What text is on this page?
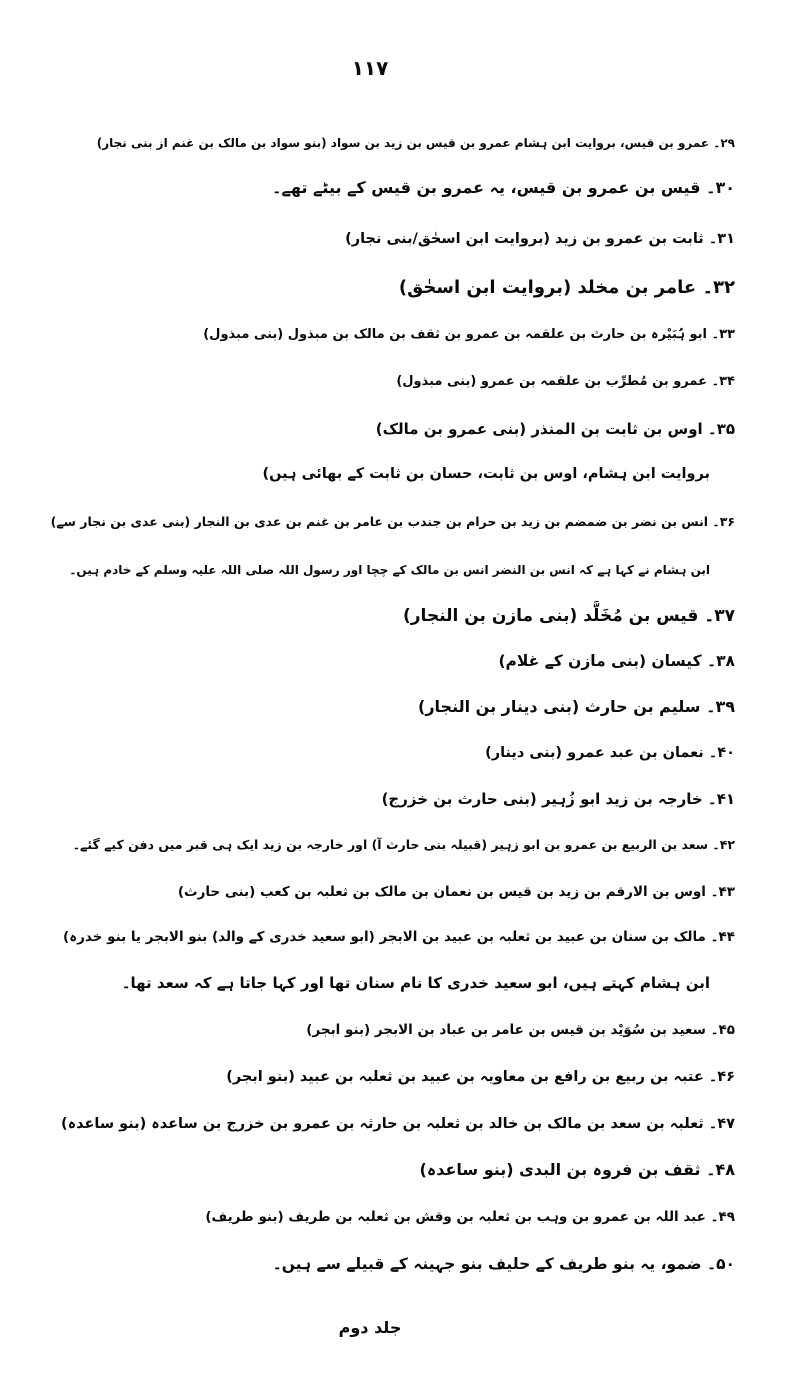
۱۱۷
۲۹۔ عمرو بن قیس، بروایت ابن ہشام عمرو بن قیس بن زید بن سواد (بنو سواد بن مالک بن غنم از بنی نجار)
۳۰۔ قیس بن عمرو بن قیس، یہ عمرو بن قیس کے بیٹے تھے۔
۳۱۔ ثابت بن عمرو بن زید (بروایت ابن اسحٰق/بنی نجار)
۳۲۔ عامر بن مخلد (بروایت ابن اسحٰق)
۳۳۔ ابو ہُبَیْرہ بن حارث بن علقمہ بن عمرو بن ثقف بن مالک بن مبذول (بنی مبذول)
۳۴۔ عمرو بن مُطرِّب بن علقمہ بن عمرو (بنی مبذول)
۳۵۔ اوس بن ثابت بن المنذر (بنی عمرو بن مالک)
بروایت ابن ہشام، اوس بن ثابت، حسان بن ثابت کے بھائی ہیں)
۳۶۔ انس بن نضر بن ضمضم بن زید بن حرام بن جندب بن عامر بن غنم بن عدی بن النجار (بنی عدی بن نجار سے)
ابن ہشام نے کہا ہے کہ انس بن النضر انس بن مالک کے چچا اور رسول اللہ صلی اللہ علیہ وسلم کے خادم ہیں۔
۳۷۔ قیس بن مُخَلَّد (بنی مازن بن النجار)
۳۸۔ کیسان (بنی مازن کے غلام)
۳۹۔ سلیم بن حارث (بنی دینار بن النجار)
۴۰۔ نعمان بن عبد عمرو (بنی دینار)
۴۱۔ خارجہ بن زید ابو زُہیر (بنی حارث بن خزرج)
۴۲۔ سعد بن الربیع بن عمرو بن ابو زہیر (قبیلہ بنی حارث آ) اور خارجہ بن زید ایک ہی قبر میں دفن کیے گئے۔
۴۳۔ اوس بن الارقم بن زید بن قیس بن نعمان بن مالک بن ثعلبہ بن کعب (بنی حارث)
۴۴۔ مالک بن سنان بن عبید بن ثعلبہ بن عبید بن الابجر (ابو سعید خدری کے والد) بنو الابجر یا بنو خدرہ)
ابن ہشام کہتے ہیں، ابو سعید خدری کا نام سنان تھا اور کہا جاتا ہے کہ سعد تھا۔
۴۵۔ سعید بن سُوَیْد بن قیس بن عامر بن عباد بن الابجر (بنو ابجر)
۴۶۔ عتبہ بن ربیع بن رافع بن معاویہ بن عبید بن ثعلبہ بن عبید (بنو ابجر)
۴۷۔ ثعلبہ بن سعد بن مالک بن خالد بن ثعلبہ بن حارثہ بن عمرو بن خزرج بن ساعدہ (بنو ساعدہ)
۴۸۔ ثقف بن فروہ بن البدی (بنو ساعدہ)
۴۹۔ عبد اللہ بن عمرو بن وہب بن ثعلبہ بن وقش بن ثعلبہ بن طریف (بنو طریف)
۵۰۔ ضمو، یہ بنو طریف کے حلیف بنو جہینہ کے قبیلے سے ہیں۔
جلد دوم
